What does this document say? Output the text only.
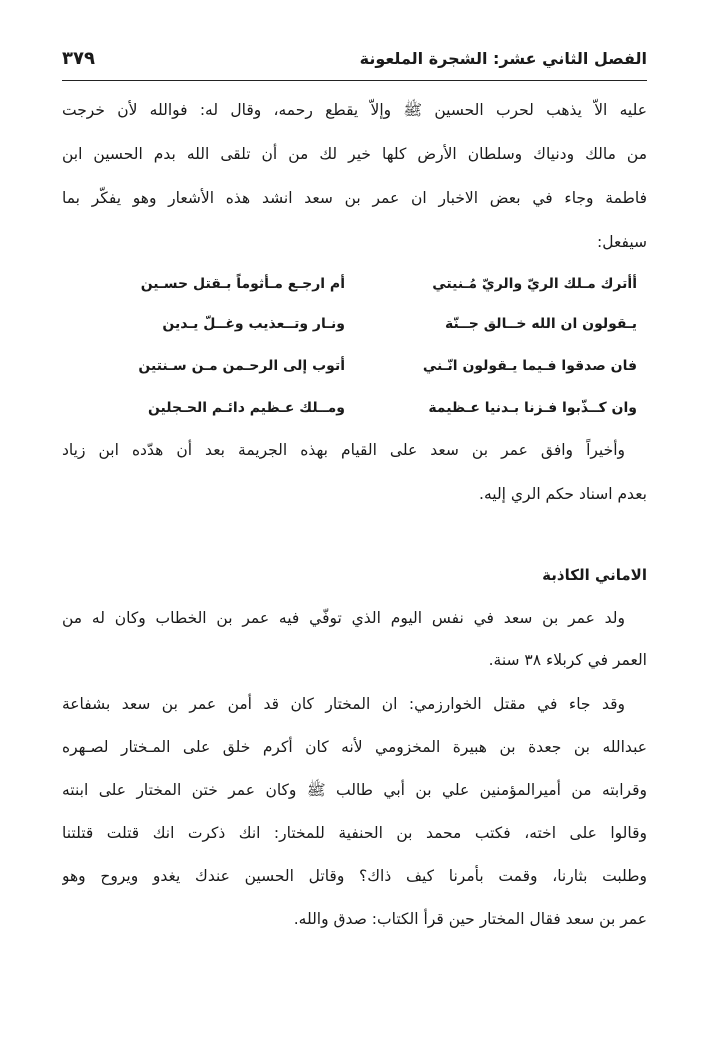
الفصل الثاني عشر: الشجرة الملعونة
٣٧٩
عليه الاّ يذهب لحرب الحسين ﷺ وإلاّ يقطع رحمه، وقال له: فوالله لأن خرجت
من مالك ودنياك وسلطان الأرض كلها خير لك من أن تلقى الله بدم الحسين ابن
فاطمة وجاء في بعض الاخبار ان عمر بن سعد انشد هذه الأشعار وهو يفكّر بما
سيفعل:
أأترك مـلك الريّ والريّ مُـنيتي
أم ارجـع مـأثوماً بـقتل حسـين
يـقولون ان الله خــالق جــنّة
ونـار وتــعذيب وغــلّ يـدين
فان صدقوا فـيما يـقولون انّـني
أتوب إلى الرحـمن مـن سـنتين
وان كــذّبوا فـزنا بـدنيا عـظيمة
ومــلك عـظيم دائـم الحـجلين
وأخيراً وافق عمر بن سعد على القيام بهذه الجريمة بعد أن هدّده ابن زياد
بعدم اسناد حكم الري إليه.
الاماني الكاذبة
ولد عمر بن سعد في نفس اليوم الذي توفّي فيه عمر بن الخطاب وكان له من
العمر في كربلاء ٣٨ سنة.
وقد جاء في مقتل الخوارزمي: ان المختار كان قد أمن عمر بن سعد بشفاعة
عبدالله بن جعدة بن هبيرة المخزومي لأنه كان أكرم خلق على المـختار لصـهره
وقرابته من أميرالمؤمنين علي بن أبي طالب ﷺ وكان عمر ختن المختار على ابنته
وقالوا على اخته، فكتب محمد بن الحنفية للمختار: انك ذكرت انك قتلت قتلتنا
وطلبت بثارنا، وقمت بأمرنا كيف ذاك؟ وقاتل الحسين عندك يغدو ويروح وهو
عمر بن سعد فقال المختار حين قرأ الكتاب: صدق والله.
